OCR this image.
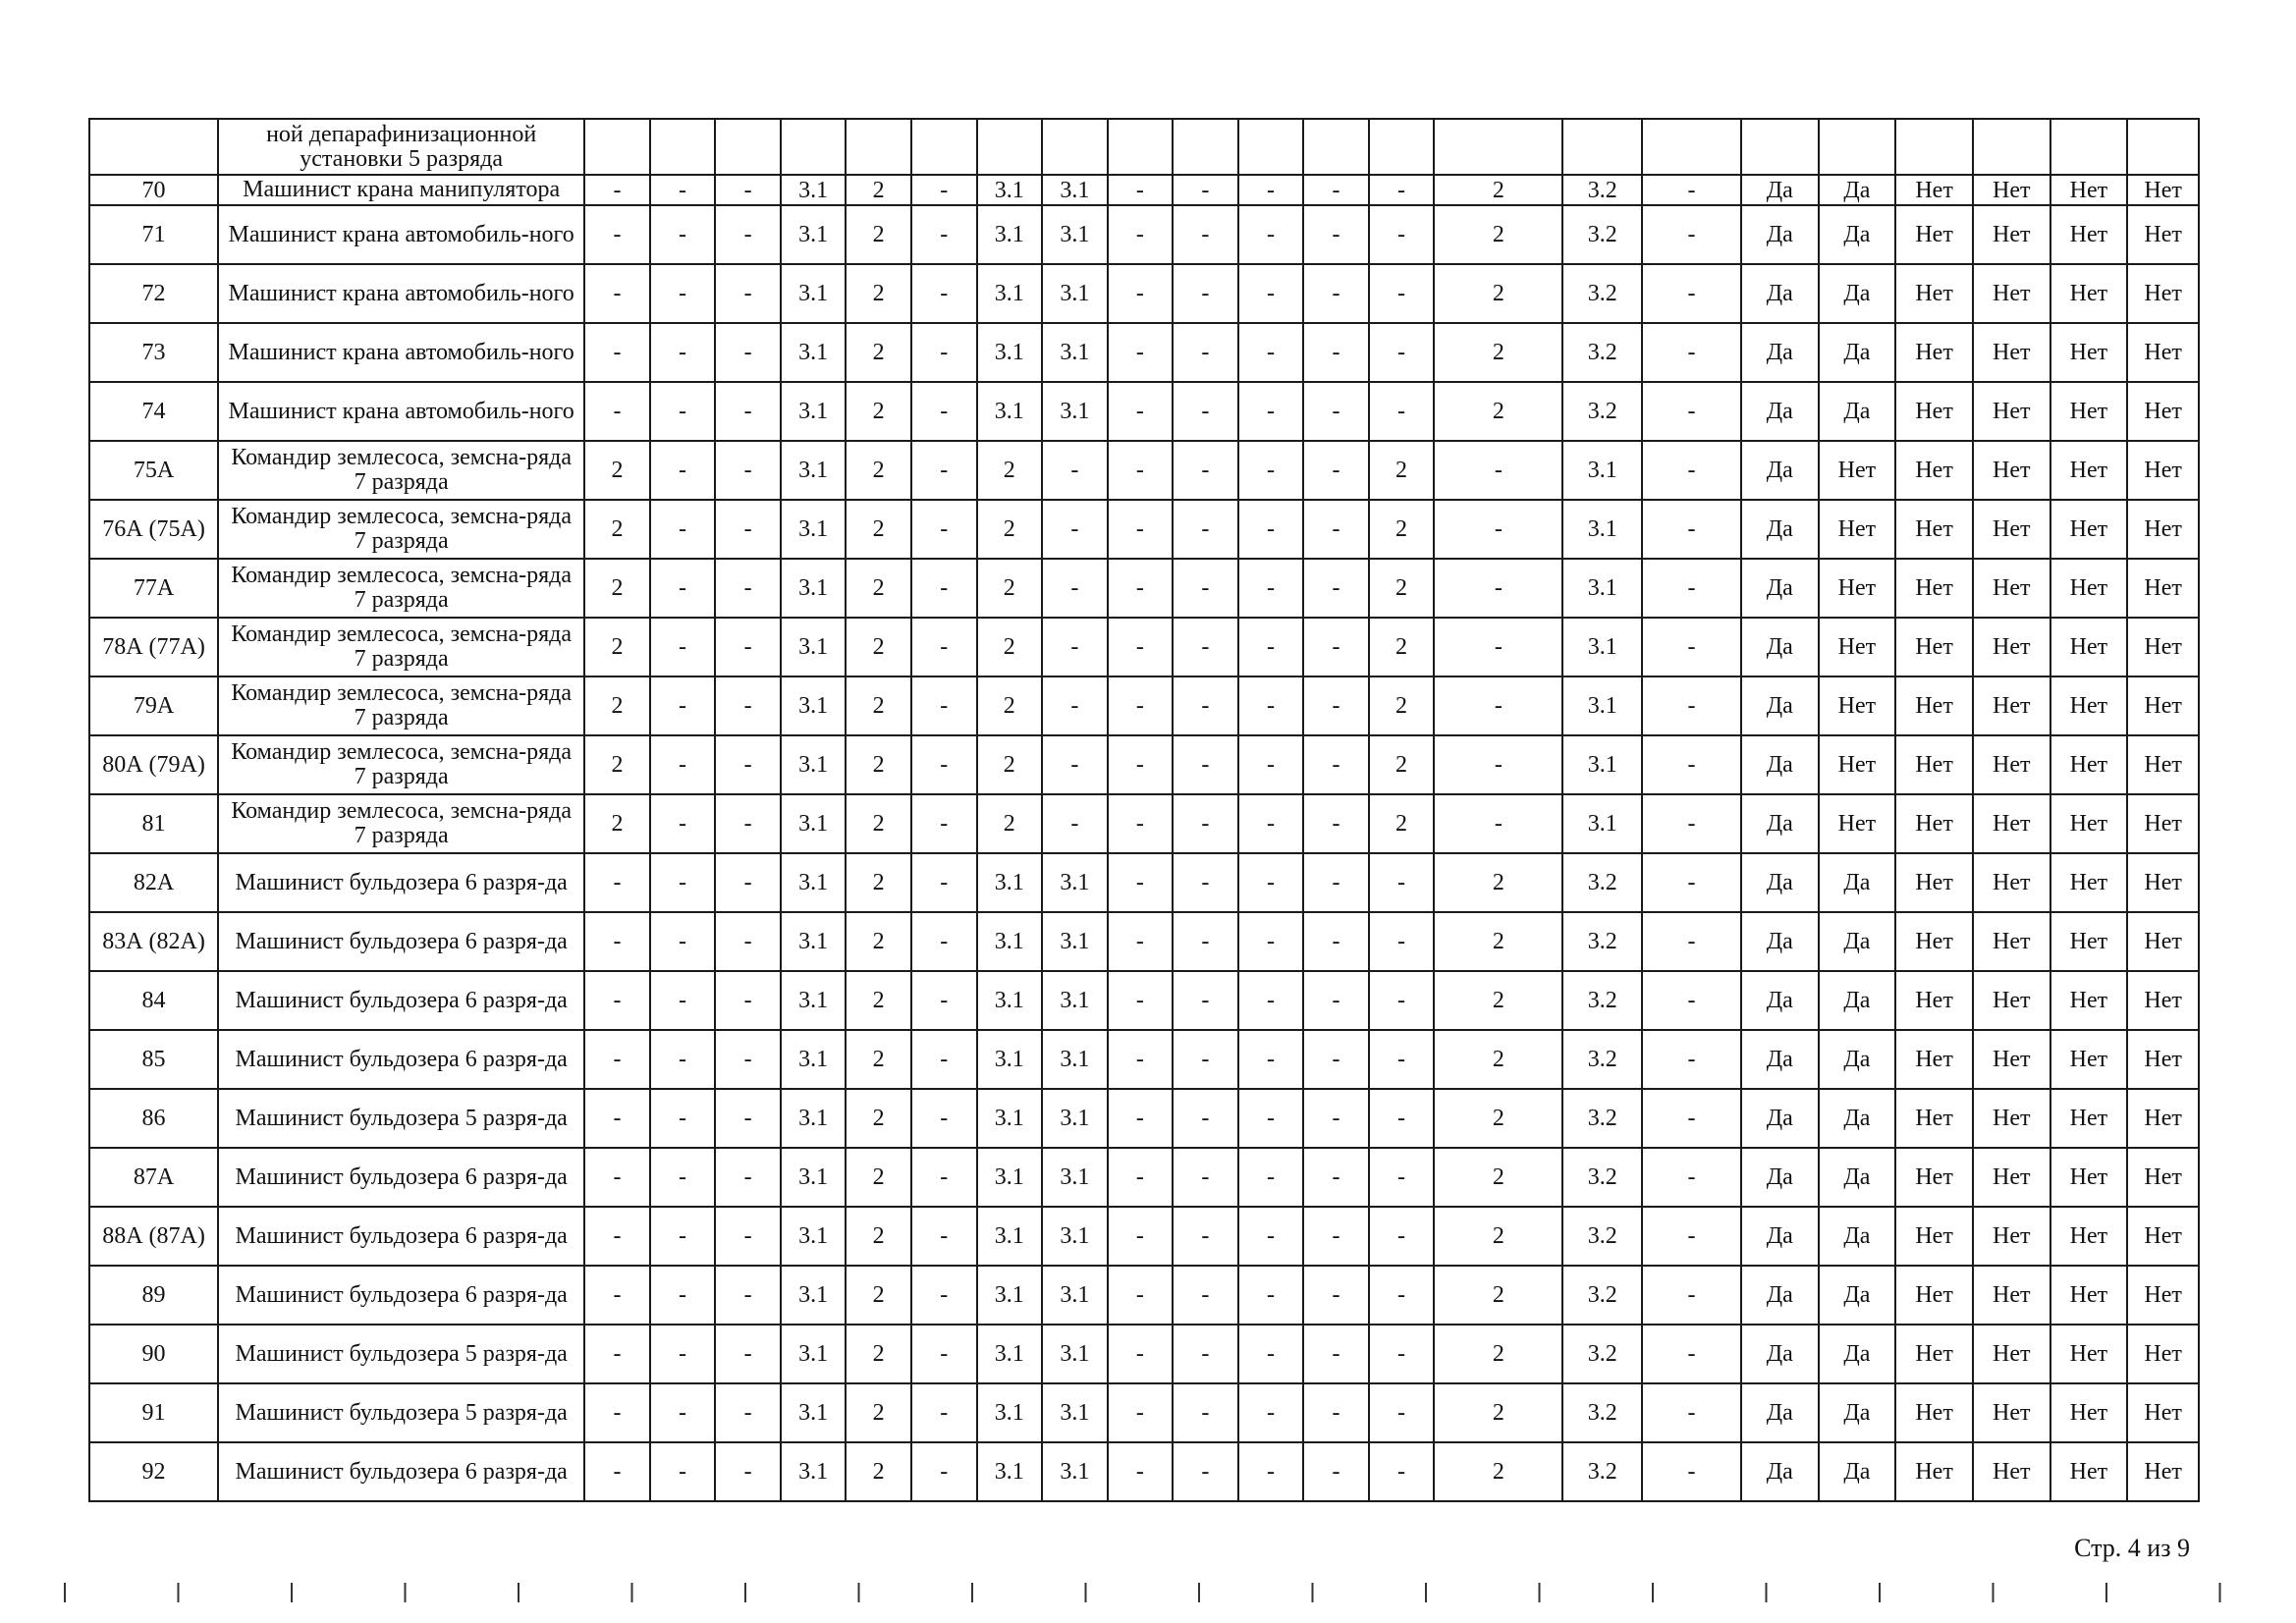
	ной депарафинизационной
установки 5 разряда																						

70	Машинист крана манипулятора	-	-	-	3.1	2	-	3.1	3.1	-	-	-	-	-	2	3.2	-	Да	Да	Нет	Нет	Нет	Нет
71	Машинист крана автомобиль-ного	-	-	-	3.1	2	-	3.1	3.1	-	-	-	-	-	2	3.2	-	Да	Да	Нет	Нет	Нет	Нет
72	Машинист крана автомобиль-ного	-	-	-	3.1	2	-	3.1	3.1	-	-	-	-	-	2	3.2	-	Да	Да	Нет	Нет	Нет	Нет
73	Машинист крана автомобиль-ного	-	-	-	3.1	2	-	3.1	3.1	-	-	-	-	-	2	3.2	-	Да	Да	Нет	Нет	Нет	Нет
74	Машинист крана автомобиль-ного	-	-	-	3.1	2	-	3.1	3.1	-	-	-	-	-	2	3.2	-	Да	Да	Нет	Нет	Нет	Нет
75А	Командир землесоса, земсна-ряда 7 разряда	2	-	-	3.1	2	-	2	-	-	-	-	-	2	-	3.1	-	Да	Нет	Нет	Нет	Нет	Нет
76А (75А)	Командир землесоса, земсна-ряда 7 разряда	2	-	-	3.1	2	-	2	-	-	-	-	-	2	-	3.1	-	Да	Нет	Нет	Нет	Нет	Нет
77А	Командир землесоса, земсна-ряда 7 разряда	2	-	-	3.1	2	-	2	-	-	-	-	-	2	-	3.1	-	Да	Нет	Нет	Нет	Нет	Нет
78А (77А)	Командир землесоса, земсна-ряда 7 разряда	2	-	-	3.1	2	-	2	-	-	-	-	-	2	-	3.1	-	Да	Нет	Нет	Нет	Нет	Нет
79А	Командир землесоса, земсна-ряда 7 разряда	2	-	-	3.1	2	-	2	-	-	-	-	-	2	-	3.1	-	Да	Нет	Нет	Нет	Нет	Нет
80А (79А)	Командир землесоса, земсна-ряда 7 разряда	2	-	-	3.1	2	-	2	-	-	-	-	-	2	-	3.1	-	Да	Нет	Нет	Нет	Нет	Нет
81	Командир землесоса, земсна-ряда 7 разряда	2	-	-	3.1	2	-	2	-	-	-	-	-	2	-	3.1	-	Да	Нет	Нет	Нет	Нет	Нет
82А	Машинист бульдозера 6 разря-да	-	-	-	3.1	2	-	3.1	3.1	-	-	-	-	-	2	3.2	-	Да	Да	Нет	Нет	Нет	Нет
83А (82А)	Машинист бульдозера 6 разря-да	-	-	-	3.1	2	-	3.1	3.1	-	-	-	-	-	2	3.2	-	Да	Да	Нет	Нет	Нет	Нет
84	Машинист бульдозера 6 разря-да	-	-	-	3.1	2	-	3.1	3.1	-	-	-	-	-	2	3.2	-	Да	Да	Нет	Нет	Нет	Нет
85	Машинист бульдозера 6 разря-да	-	-	-	3.1	2	-	3.1	3.1	-	-	-	-	-	2	3.2	-	Да	Да	Нет	Нет	Нет	Нет
86	Машинист бульдозера 5 разря-да	-	-	-	3.1	2	-	3.1	3.1	-	-	-	-	-	2	3.2	-	Да	Да	Нет	Нет	Нет	Нет
87А	Машинист бульдозера 6 разря-да	-	-	-	3.1	2	-	3.1	3.1	-	-	-	-	-	2	3.2	-	Да	Да	Нет	Нет	Нет	Нет
88А (87А)	Машинист бульдозера 6 разря-да	-	-	-	3.1	2	-	3.1	3.1	-	-	-	-	-	2	3.2	-	Да	Да	Нет	Нет	Нет	Нет
89	Машинист бульдозера 6 разря-да	-	-	-	3.1	2	-	3.1	3.1	-	-	-	-	-	2	3.2	-	Да	Да	Нет	Нет	Нет	Нет
90	Машинист бульдозера 5 разря-да	-	-	-	3.1	2	-	3.1	3.1	-	-	-	-	-	2	3.2	-	Да	Да	Нет	Нет	Нет	Нет
91	Машинист бульдозера 5 разря-да	-	-	-	3.1	2	-	3.1	3.1	-	-	-	-	-	2	3.2	-	Да	Да	Нет	Нет	Нет	Нет
92	Машинист бульдозера 6 разря-да	-	-	-	3.1	2	-	3.1	3.1	-	-	-	-	-	2	3.2	-	Да	Да	Нет	Нет	Нет	Нет
Стр. 4 из 9
